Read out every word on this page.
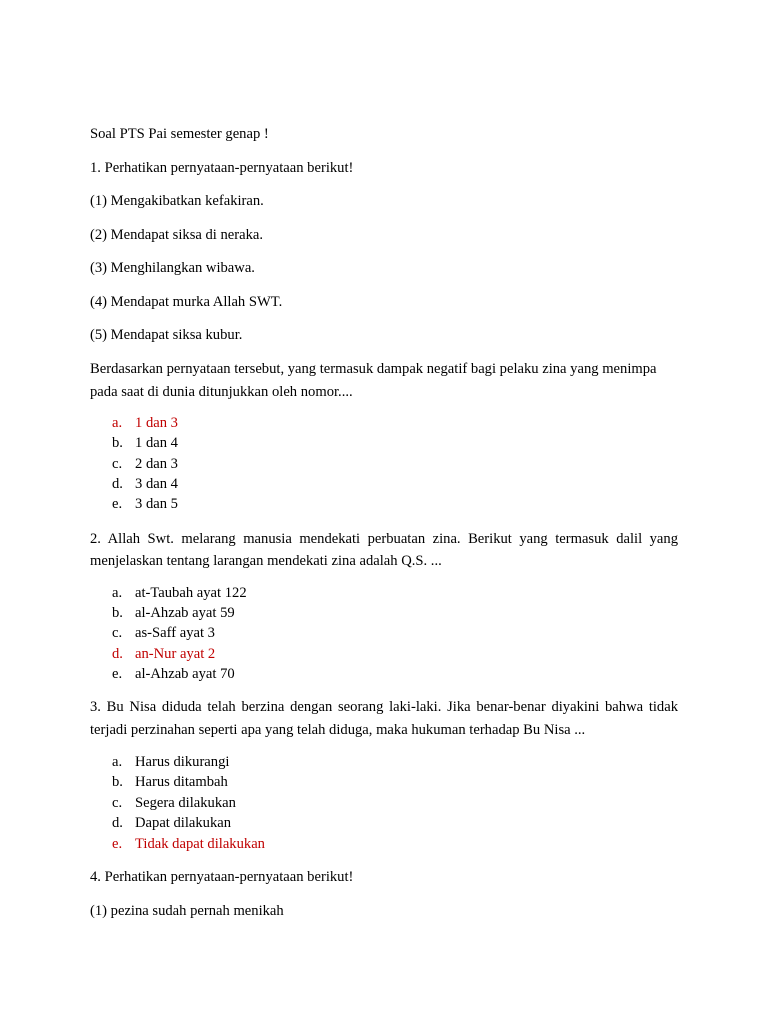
Soal PTS Pai semester genap !
1. Perhatikan pernyataan-pernyataan berikut!
(1) Mengakibatkan kefakiran.
(2) Mendapat siksa di neraka.
(3) Menghilangkan wibawa.
(4) Mendapat murka Allah SWT.
(5) Mendapat siksa kubur.
Berdasarkan pernyataan tersebut, yang termasuk dampak negatif bagi pelaku zina yang menimpa
pada saat di dunia ditunjukkan oleh nomor....
a. 1 dan 3
b. 1 dan 4
c. 2 dan 3
d. 3 dan 4
e. 3 dan 5
2. Allah Swt. melarang manusia mendekati perbuatan zina. Berikut yang termasuk dalil yang
menjelaskan tentang larangan mendekati zina adalah Q.S. ...
a. at-Taubah ayat 122
b. al-Ahzab ayat 59
c. as-Saff ayat 3
d. an-Nur ayat 2
e. al-Ahzab ayat 70
3. Bu Nisa diduda telah berzina dengan seorang laki-laki. Jika benar-benar diyakini bahwa tidak
terjadi perzinahan seperti apa yang telah diduga, maka hukuman terhadap Bu Nisa ...
a. Harus dikurangi
b. Harus ditambah
c. Segera dilakukan
d. Dapat dilakukan
e. Tidak dapat dilakukan
4. Perhatikan pernyataan-pernyataan berikut!
(1) pezina sudah pernah menikah
